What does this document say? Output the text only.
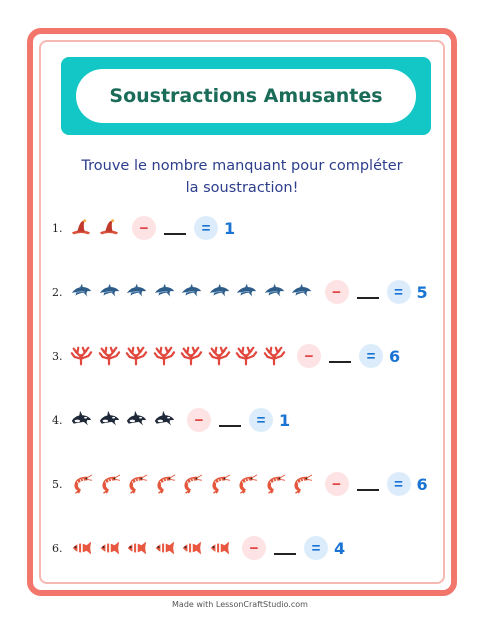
Soustractions Amusantes
Trouve le nombre manquant pour compléter la soustraction!
1.	−	= 1
2.	−	= 5
3.	−	= 6
4.	−	= 1
5.	−	= 6
6.	−	= 4
Made with LessonCraftStudio.com
